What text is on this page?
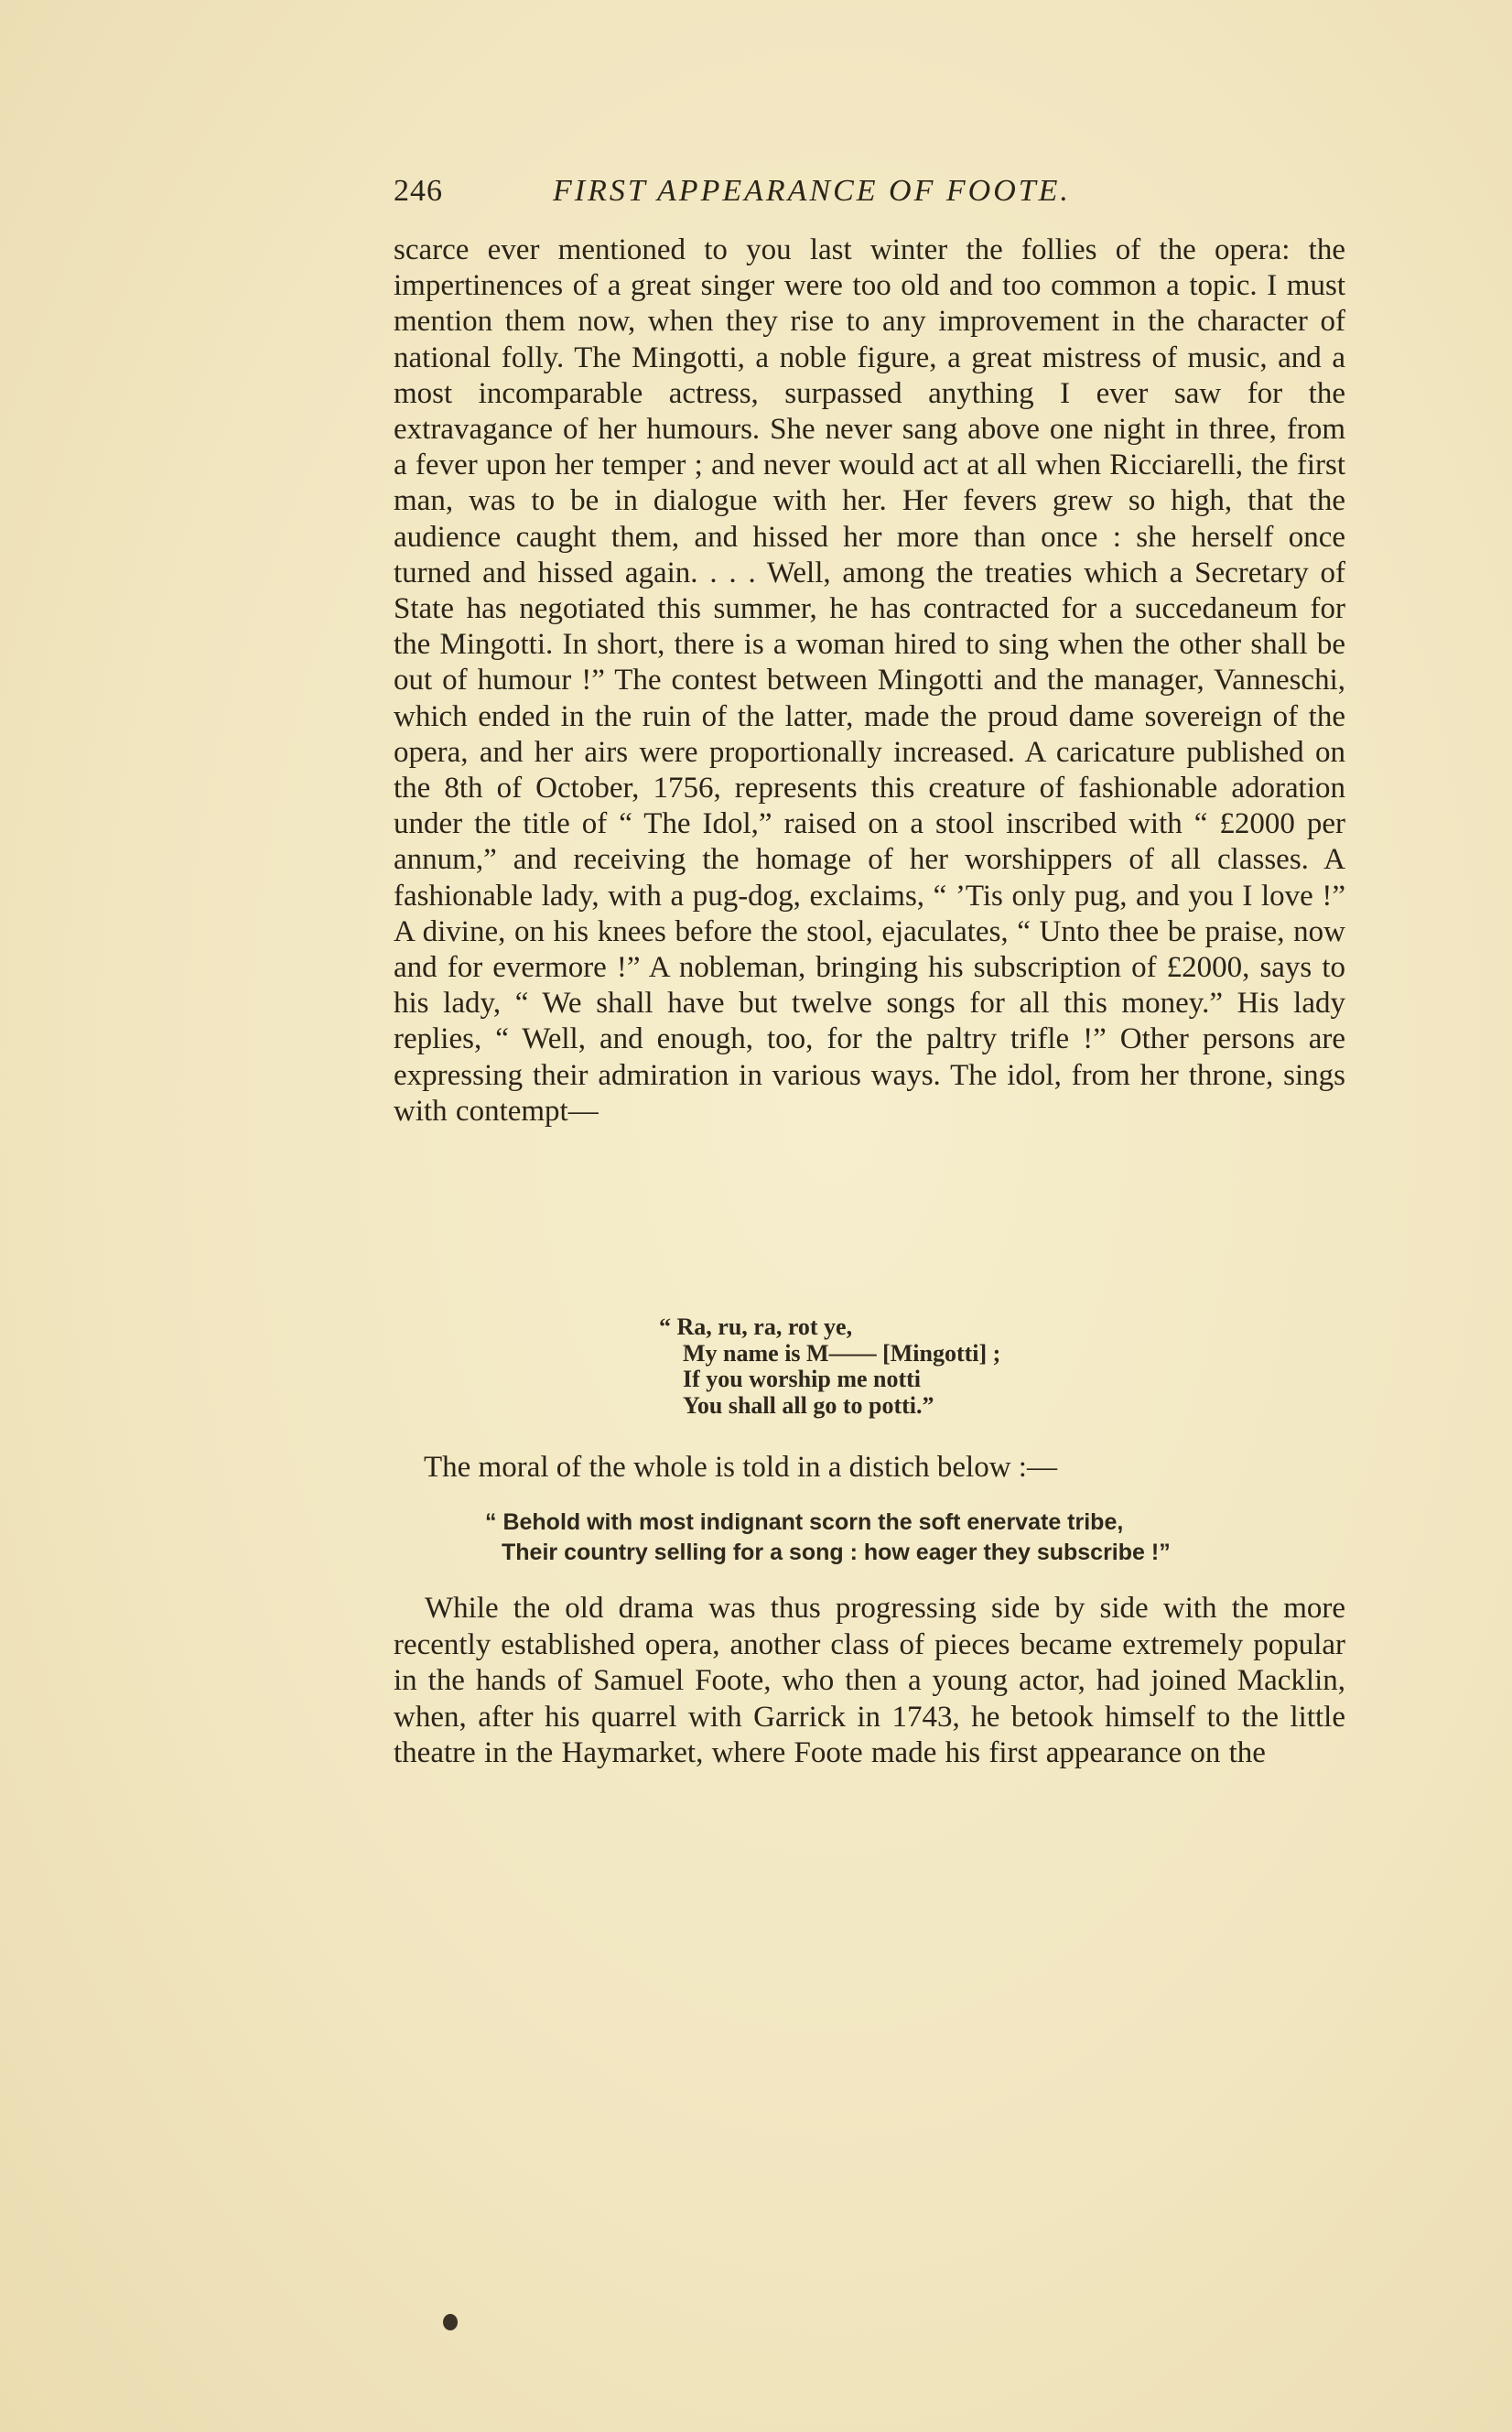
246	FIRST APPEARANCE OF FOOTE.

scarce ever mentioned to you last winter the follies of the opera: the impertinences of a great singer were too old and too common a topic. I must mention them now, when they rise to any improvement in the character of national folly. The Mingotti, a noble figure, a great mistress of music, and a most incomparable actress, surpassed anything I ever saw for the extravagance of her humours. She never sang above one night in three, from a fever upon her temper ; and never would act at all when Ricciarelli, the first man, was to be in dialogue with her. Her fevers grew so high, that the audience caught them, and hissed her more than once : she herself once turned and hissed again. . . . Well, among the treaties which a Secretary of State has negotiated this summer, he has contracted for a succedaneum for the Mingotti. In short, there is a woman hired to sing when the other shall be out of humour !” The contest between Mingotti and the manager, Vanneschi, which ended in the ruin of the latter, made the proud dame sovereign of the opera, and her airs were proportionally increased. A caricature published on the 8th of October, 1756, represents this creature of fashionable adoration under the title of “ The Idol,” raised on a stool inscribed with “ £2000 per annum,” and receiving the homage of her worshippers of all classes. A fashionable lady, with a pug-dog, exclaims, “ ’Tis only pug, and you I love !” A divine, on his knees before the stool, ejaculates, “ Unto thee be praise, now and for evermore !” A nobleman, bringing his subscription of £2000, says to his lady, “ We shall have but twelve songs for all this money.” His lady replies, “ Well, and enough, too, for the paltry trifle !” Other persons are expressing their admiration in various ways. The idol, from her throne, sings with contempt—

“ Ra, ru, ra, rot ye,
My name is M—— [Mingotti] ;
If you worship me notti
You shall all go to potti.”
The moral of the whole is told in a distich below :—
“ Behold with most indignant scorn the soft enervate tribe,
Their country selling for a song : how eager they subscribe !”

While the old drama was thus progressing side by side with the more recently established opera, another class of pieces became extremely popular in the hands of Samuel Foote, who then a young actor, had joined Macklin, when, after his quarrel with Garrick in 1743, he betook himself to the little theatre in the Haymarket, where Foote made his first appearance on the
